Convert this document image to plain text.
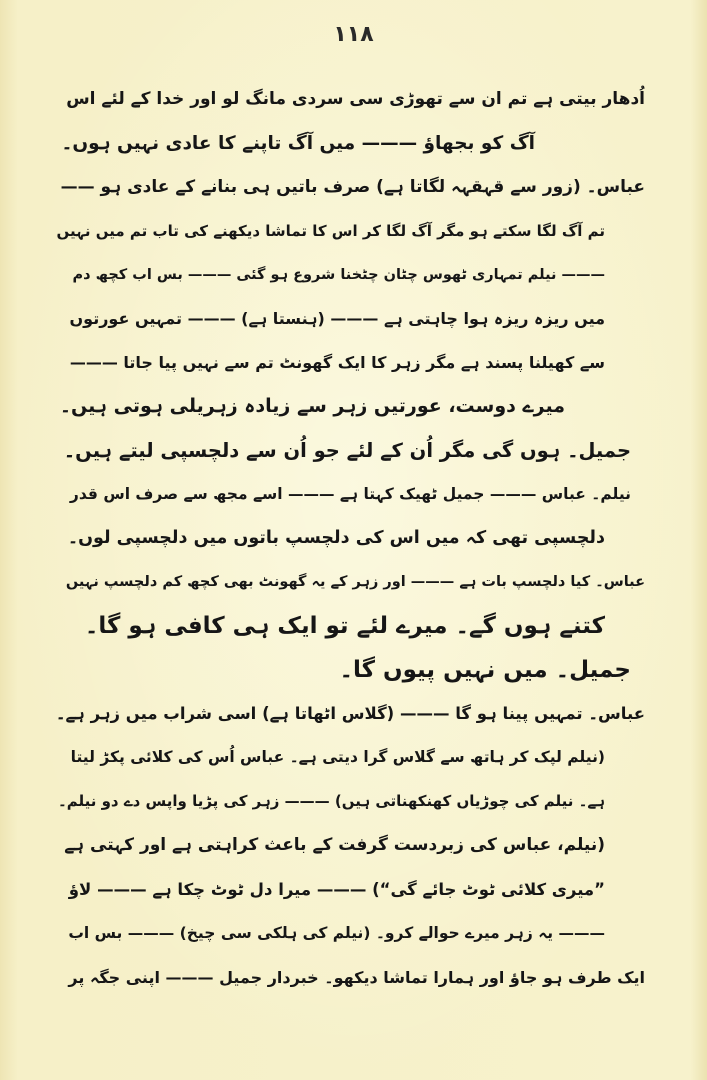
۱۱۸
اُدھار بیتی ہے تم ان سے تھوڑی سی سردی مانگ لو اور خدا کے لئے اس
آگ کو بجھاؤ ——— میں آگ تاپنے کا عادی نہیں ہوں۔
عباس۔ (زور سے قہقہہ لگاتا ہے) صرف باتیں ہی بنانے کے عادی ہو ——
تم آگ لگا سکتے ہو مگر آگ لگا کر اس کا تماشا دیکھنے کی تاب تم میں نہیں
——— نیلم تمہاری ٹھوس چٹان چٹخنا شروع ہو گئی ——— بس اب کچھ دم
میں ریزہ ریزہ ہوا چاہتی ہے ——— (ہنستا ہے) ——— تمہیں عورتوں
سے کھیلنا پسند ہے مگر زہر کا ایک گھونٹ تم سے نہیں پیا جاتا ———
میرے دوست، عورتیں زہر سے زیادہ زہریلی ہوتی ہیں۔
جمیل۔ ہوں گی مگر اُن کے لئے جو اُن سے دلچسپی لیتے ہیں۔
نیلم۔ عباس ——— جمیل ٹھیک کہتا ہے ——— اسے مجھ سے صرف اس قدر
دلچسپی تھی کہ میں اس کی دلچسپ باتوں میں دلچسپی لوں۔
عباس۔ کیا دلچسپ بات ہے ——— اور زہر کے یہ گھونٹ بھی کچھ کم دلچسپ نہیں
کتنے ہوں گے۔ میرے لئے تو ایک ہی کافی ہو گا۔
جمیل۔ میں نہیں پیوں گا۔
عباس۔ تمہیں پینا ہو گا ——— (گلاس اٹھاتا ہے) اسی شراب میں زہر ہے۔
(نیلم لپک کر ہاتھ سے گلاس گرا دیتی ہے۔ عباس اُس کی کلائی پکڑ لیتا
ہے۔ نیلم کی چوڑیاں کھنکھناتی ہیں) ——— زہر کی پڑیا واپس دے دو نیلم۔
(نیلم، عباس کی زبردست گرفت کے باعث کراہتی ہے اور کہتی ہے
”میری کلائی ٹوٹ جائے گی“) ——— میرا دل ٹوٹ چکا ہے ——— لاؤ
——— یہ زہر میرے حوالے کرو۔ (نیلم کی ہلکی سی چیخ) ——— بس اب
ایک طرف ہو جاؤ اور ہمارا تماشا دیکھو۔ خبردار جمیل ——— اپنی جگہ پر
